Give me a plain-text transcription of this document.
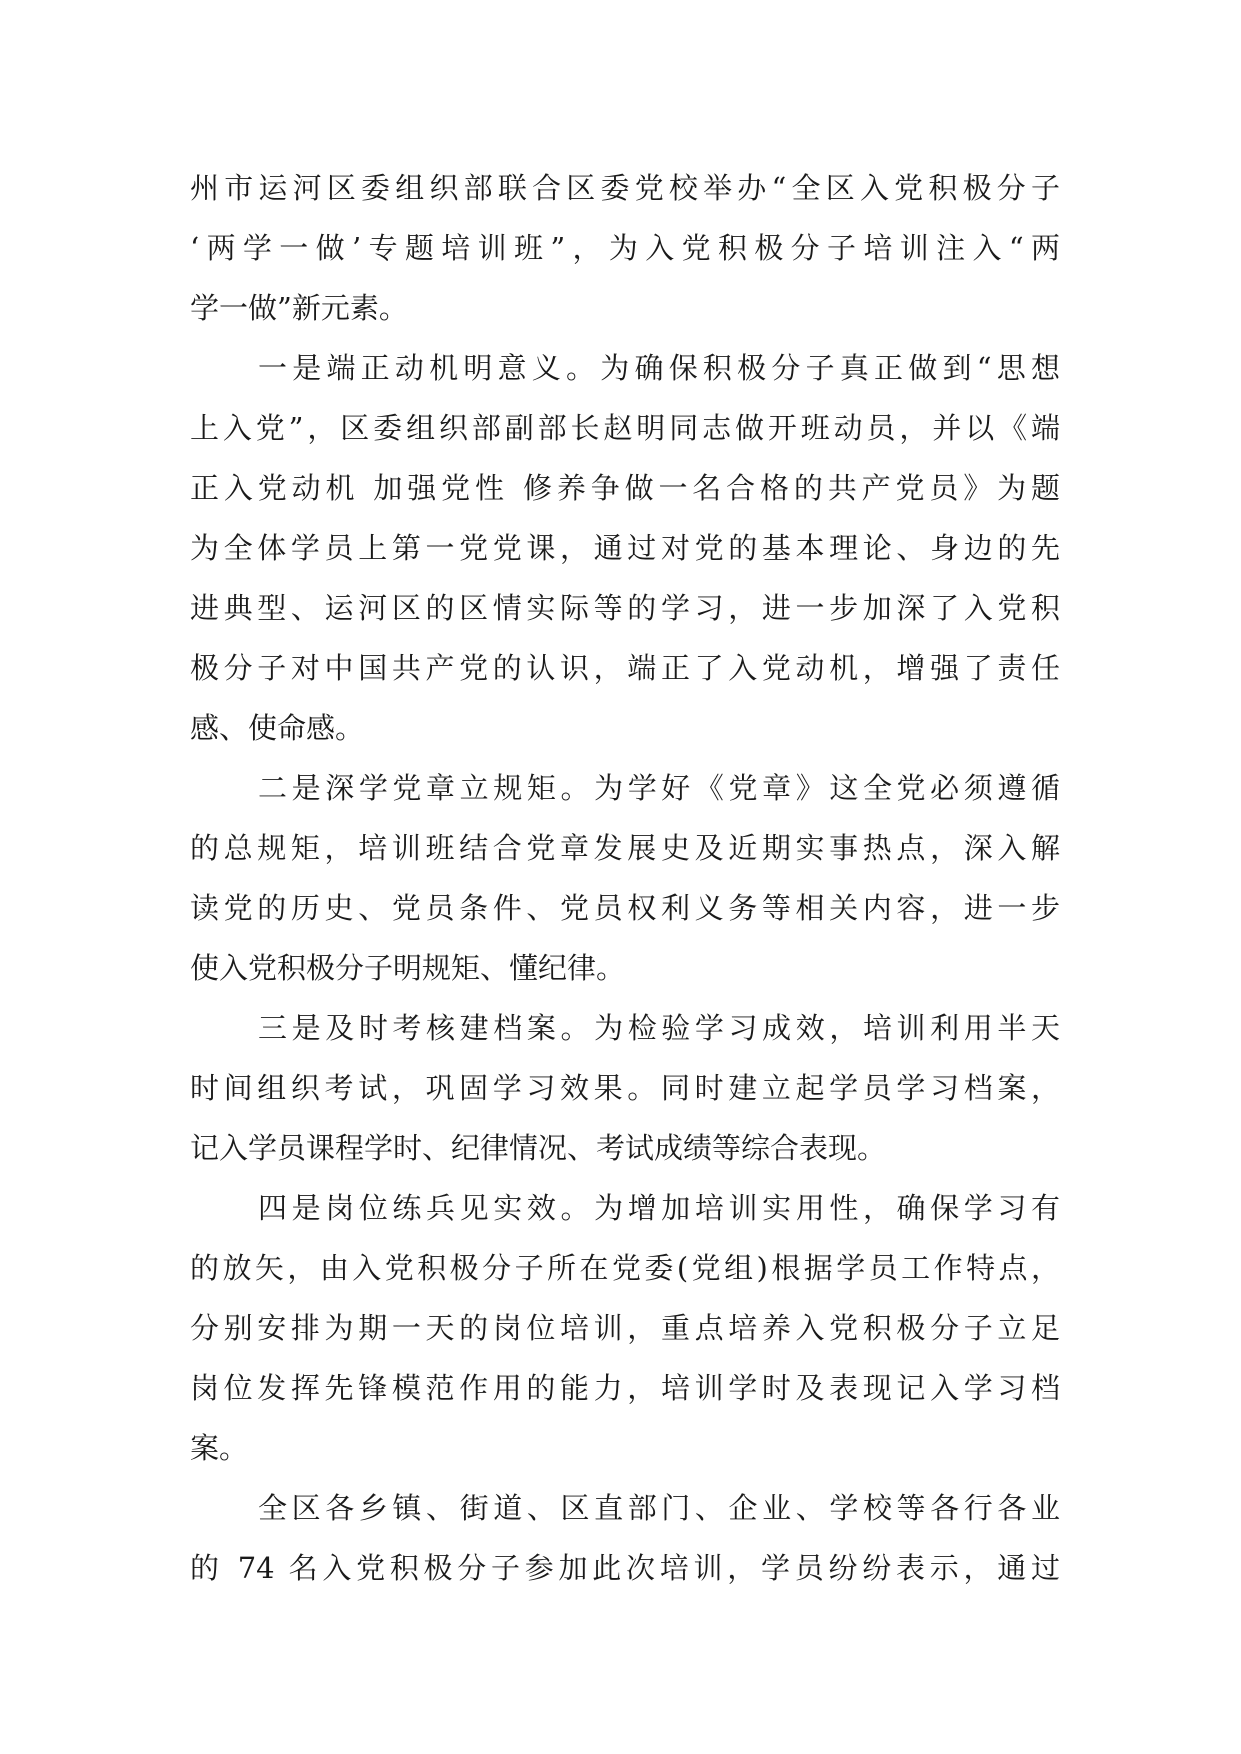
州市运河区委组织部联合区委党校举办“全区入党积极分子
‘两学一做’专题培训班”，为入党积极分子培训注入“两
学一做”新元素。
一是端正动机明意义。为确保积极分子真正做到“思想
上入党”，区委组织部副部长赵明同志做开班动员，并以《端
正入党动机 加强党性 修养争做一名合格的共产党员》为题
为全体学员上第一党党课，通过对党的基本理论、身边的先
进典型、运河区的区情实际等的学习，进一步加深了入党积
极分子对中国共产党的认识，端正了入党动机，增强了责任
感、使命感。
二是深学党章立规矩。为学好《党章》这全党必须遵循
的总规矩，培训班结合党章发展史及近期实事热点，深入解
读党的历史、党员条件、党员权利义务等相关内容，进一步
使入党积极分子明规矩、懂纪律。
三是及时考核建档案。为检验学习成效，培训利用半天
时间组织考试，巩固学习效果。同时建立起学员学习档案，
记入学员课程学时、纪律情况、考试成绩等综合表现。
四是岗位练兵见实效。为增加培训实用性，确保学习有
的放矢，由入党积极分子所在党委(党组)根据学员工作特点，
分别安排为期一天的岗位培训，重点培养入党积极分子立足
岗位发挥先锋模范作用的能力，培训学时及表现记入学习档
案。
全区各乡镇、街道、区直部门、企业、学校等各行各业
的 74 名入党积极分子参加此次培训，学员纷纷表示，通过
